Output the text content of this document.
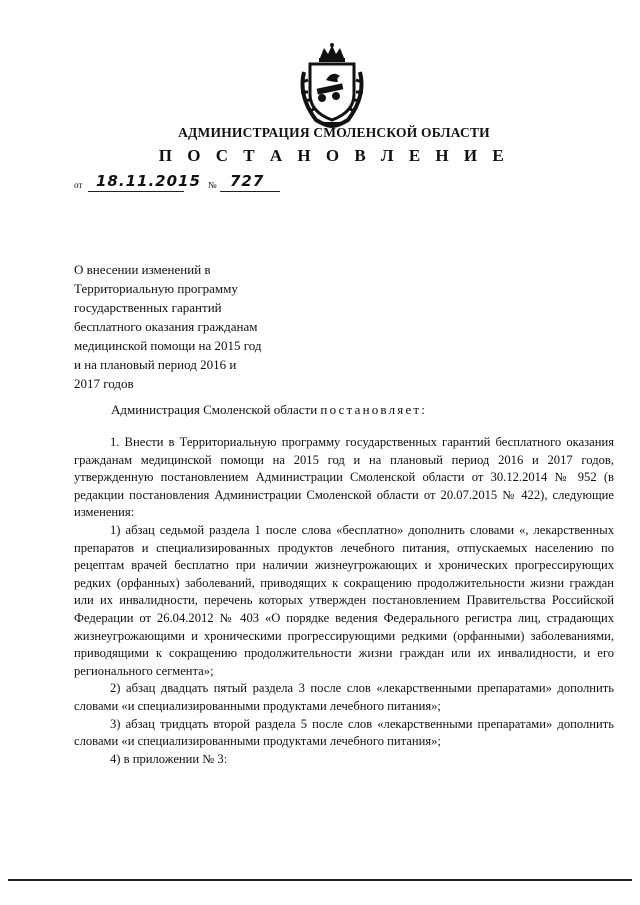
АДМИНИСТРАЦИЯ СМОЛЕНСКОЙ ОБЛАСТИ
П О С Т А Н О В Л Е Н И Е
от 18.11.2015 № 727
О внесении изменений в
Территориальную программу
государственных гарантий
бесплатного оказания гражданам
медицинской помощи на 2015 год
и на плановый период 2016 и
2017 годов
Администрация Смоленской области постановляет:
1. Внести в Территориальную программу государственных гарантий бесплатного оказания гражданам медицинской помощи на 2015 год и на плановый период 2016 и 2017 годов, утвержденную постановлением Администрации Смоленской области от 30.12.2014 № 952 (в редакции постановления Администрации Смоленской области от 20.07.2015 № 422), следующие изменения:
1) абзац седьмой раздела 1 после слова «бесплатно» дополнить словами «, лекарственных препаратов и специализированных продуктов лечебного питания, отпускаемых населению по рецептам врачей бесплатно при наличии жизнеугрожающих и хронических прогрессирующих редких (орфанных) заболеваний, приводящих к сокращению продолжительности жизни граждан или их инвалидности, перечень которых утвержден постановлением Правительства Российской Федерации от 26.04.2012 № 403 «О порядке ведения Федерального регистра лиц, страдающих жизнеугрожающими и хроническими прогрессирующими редкими (орфанными) заболеваниями, приводящими к сокращению продолжительности жизни граждан или их инвалидности, и его регионального сегмента»;
2) абзац двадцать пятый раздела 3 после слов «лекарственными препаратами» дополнить словами «и специализированными продуктами лечебного питания»;
3) абзац тридцать второй раздела 5 после слов «лекарственными препаратами» дополнить словами «и специализированными продуктами лечебного питания»;
4) в приложении № 3:
